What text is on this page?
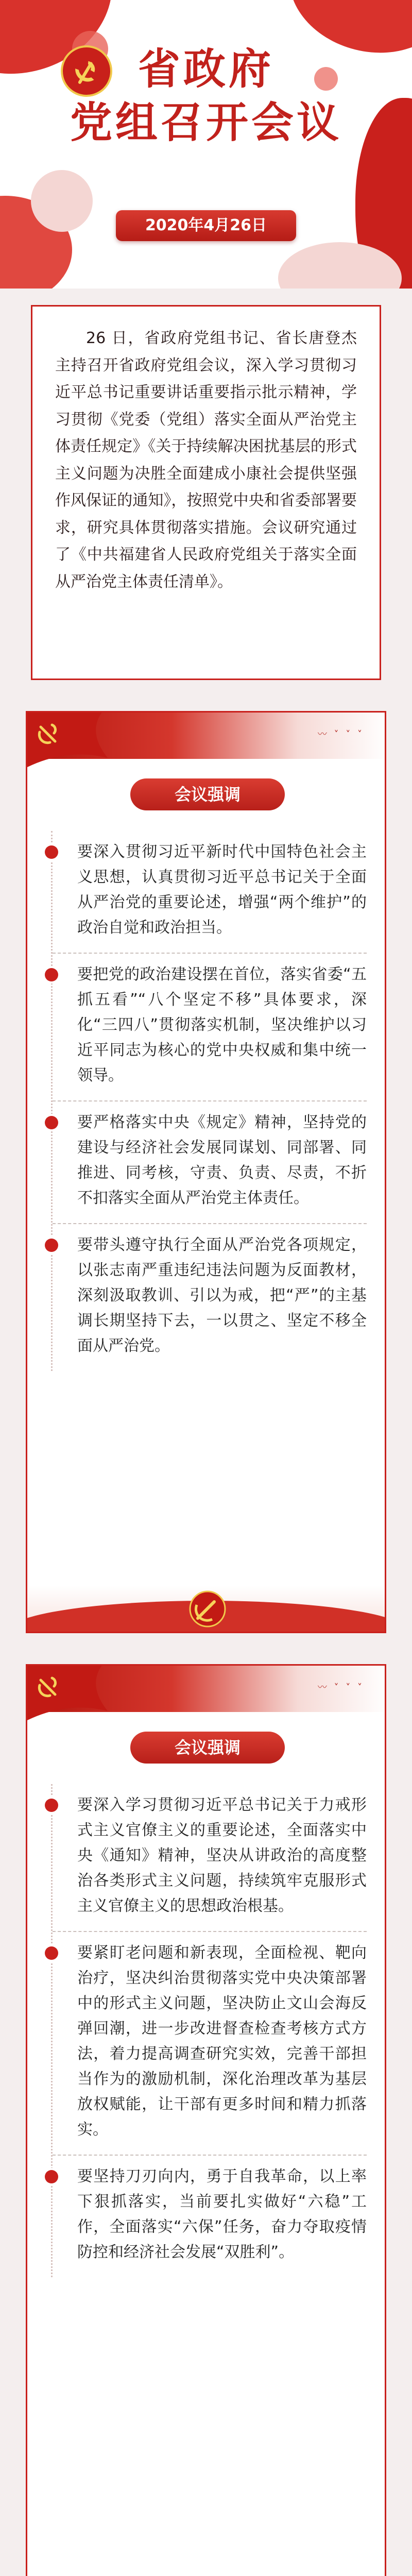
省政府
党组召开会议
2020年4月26日

26 日，省政府党组书记、省长唐登杰主持召开省政府党组会议，深入学习贯彻习近平总书记重要讲话重要指示批示精神，学习贯彻《党委（党组）落实全面从严治党主体责任规定》《关于持续解决困扰基层的形式主义问题为决胜全面建成小康社会提供坚强作风保证的通知》，按照党中央和省委部署要求，研究具体贯彻落实措施。会议研究通过了《中共福建省人民政府党组关于落实全面从严治党主体责任清单》。

〰 ˅ ˅ ˅
会议强调
要深入贯彻习近平新时代中国特色社会主义思想，认真贯彻习近平总书记关于全面从严治党的重要论述，增强“两个维护”的政治自觉和政治担当。
要把党的政治建设摆在首位，落实省委“五抓五看”“八个坚定不移”具体要求，深化“三四八”贯彻落实机制，坚决维护以习近平同志为核心的党中央权威和集中统一领导。
要严格落实中央《规定》精神，坚持党的建设与经济社会发展同谋划、同部署、同推进、同考核，守责、负责、尽责，不折不扣落实全面从严治党主体责任。
要带头遵守执行全面从严治党各项规定，以张志南严重违纪违法问题为反面教材，深刻汲取教训、引以为戒，把“严”的主基调长期坚持下去，一以贯之、坚定不移全面从严治党。
〰 ˅ ˅ ˅
会议强调
要深入学习贯彻习近平总书记关于力戒形式主义官僚主义的重要论述，全面落实中央《通知》精神，坚决从讲政治的高度整治各类形式主义问题，持续筑牢克服形式主义官僚主义的思想政治根基。
要紧盯老问题和新表现，全面检视、靶向治疗，坚决纠治贯彻落实党中央决策部署中的形式主义问题，坚决防止文山会海反弹回潮，进一步改进督查检查考核方式方法，着力提高调查研究实效，完善干部担当作为的激励机制，深化治理改革为基层放权赋能，让干部有更多时间和精力抓落实。
要坚持刀刃向内，勇于自我革命，以上率下狠抓落实，当前要扎实做好“六稳”工作，全面落实“六保”任务，奋力夺取疫情防控和经济社会发展“双胜利”。
